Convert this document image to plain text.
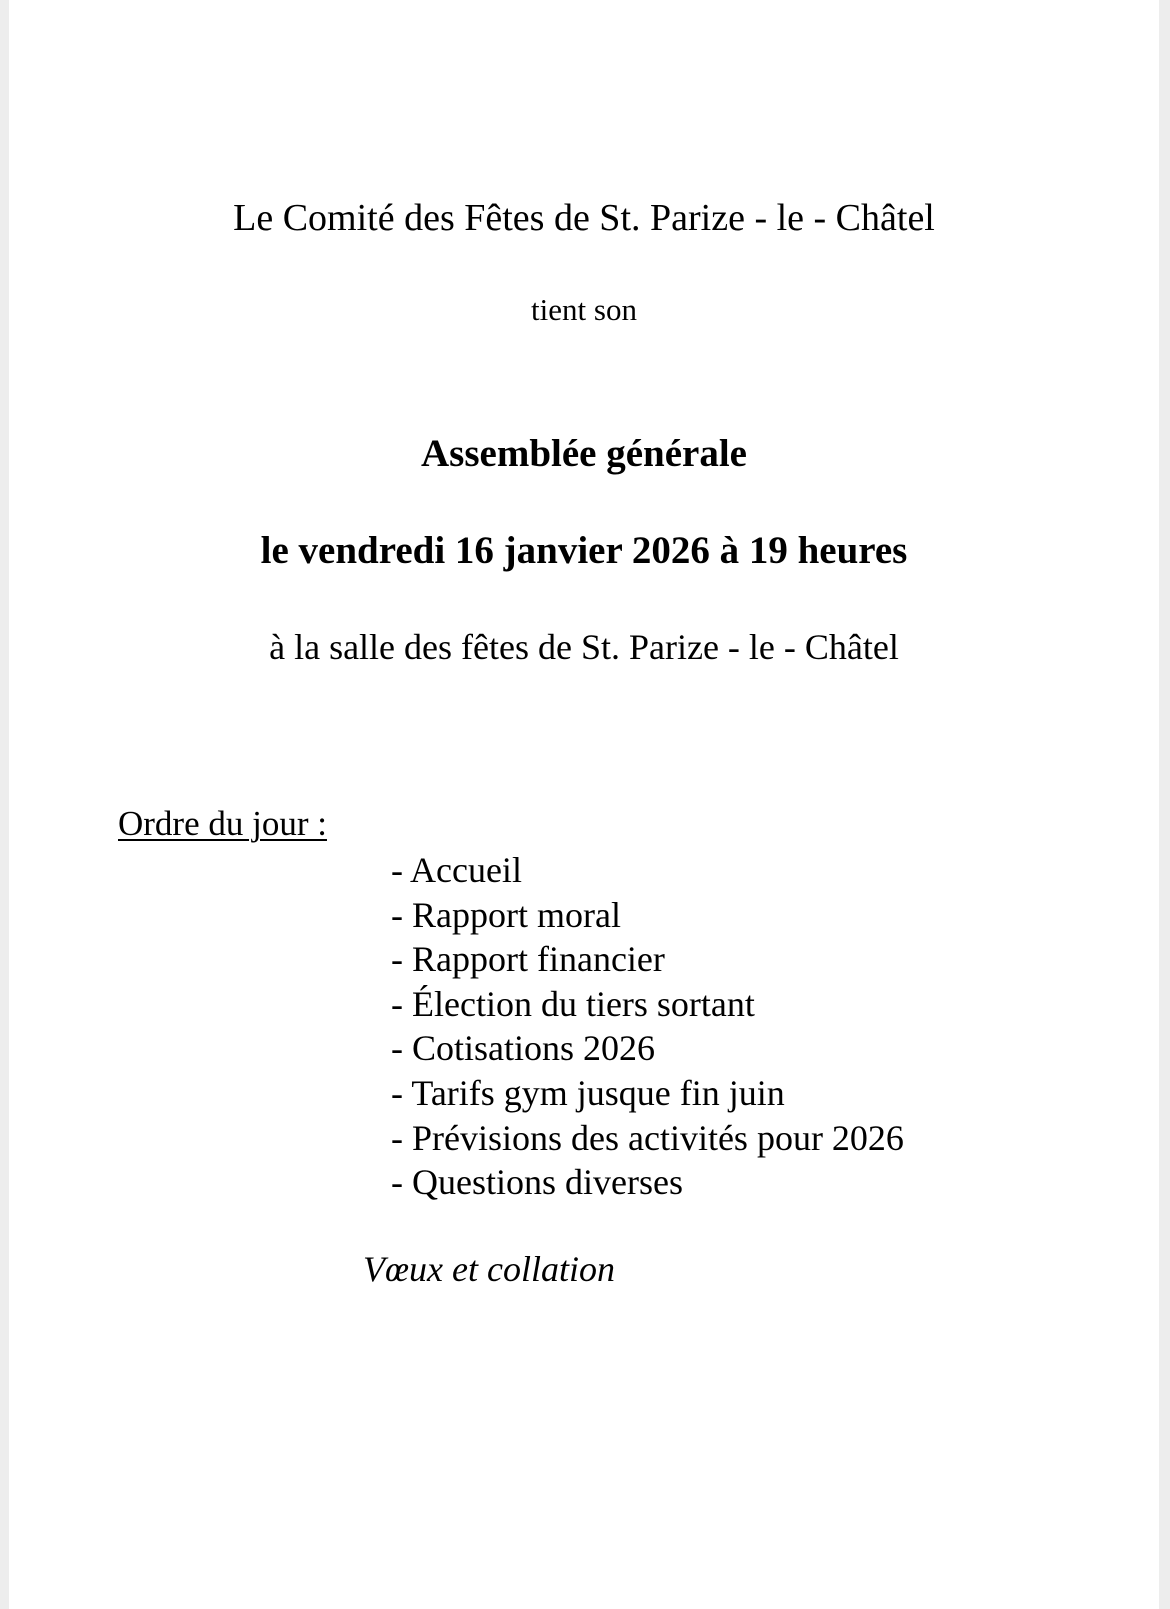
Le Comité des Fêtes de St. Parize - le - Châtel

tient son

Assemblée générale

le vendredi 16 janvier 2026 à 19 heures

à la salle des fêtes de St. Parize - le - Châtel

Ordre du jour :

- Accueil
- Rapport moral
- Rapport financier
- Élection du tiers sortant
- Cotisations 2026
- Tarifs gym jusque fin juin
- Prévisions des activités pour 2026
- Questions diverses

Vœux et collation
